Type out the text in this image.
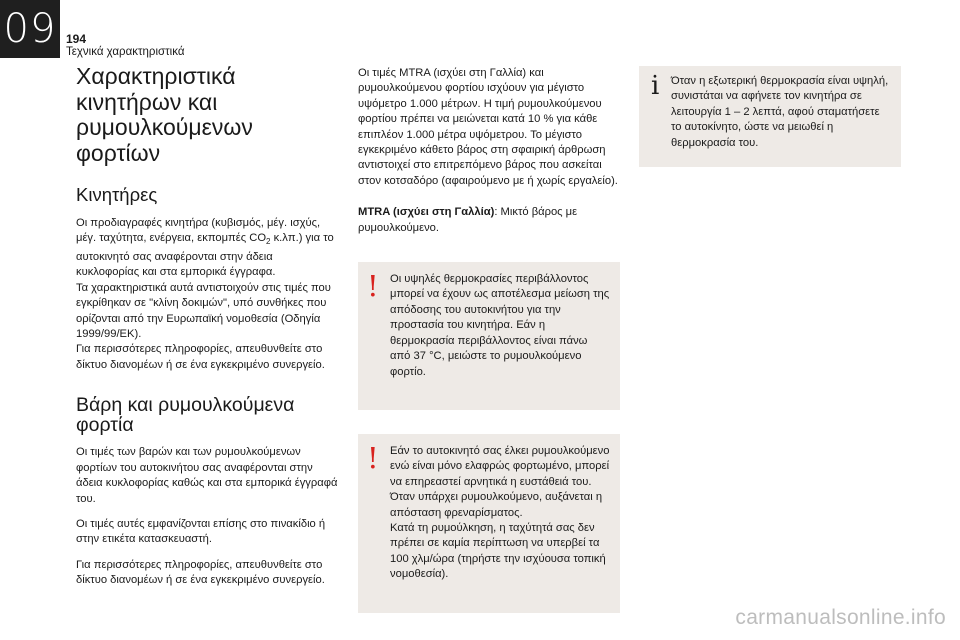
09 194
Τεχνικά χαρακτηριστικά
Χαρακτηριστικά κινητήρων και ρυμουλκούμενων φορτίων
Κινητήρες

Οι προδιαγραφές κινητήρα (κυβισμός, μέγ. ισχύς, μέγ. ταχύτητα, ενέργεια, εκπομπές $CO_2$ κ.λπ.) για το αυτοκινητό σας αναφέρονται στην άδεια κυκλοφορίας και στα εμπορικά έγγραφα.
Τα χαρακτηριστικά αυτά αντιστοιχούν στις τιμές που εγκρίθηκαν σε "κλίνη δοκιμών", υπό συνθήκες που ορίζονται από την Ευρωπαϊκή νομοθεσία (Οδηγία 1999/99/ΕΚ).
Για περισσότερες πληροφορίες, απευθυνθείτε στο δίκτυο διανομέων ή σε ένα εγκεκριμένο συνεργείο.

Βάρη και ρυμουλκούμενα φορτία

Οι τιμές των βαρών και των ρυμουλκούμενων φορτίων του αυτοκινήτου σας αναφέρονται στην άδεια κυκλοφορίας καθώς και στα εμπορικά έγγραφά του.

Οι τιμές αυτές εμφανίζονται επίσης στο πινακίδιο ή στην ετικέτα κατασκευαστή.

Για περισσότερες πληροφορίες, απευθυνθείτε στο δίκτυο διανομέων ή σε ένα εγκεκριμένο συνεργείο.

Οι τιμές MTRA (ισχύει στη Γαλλία) και ρυμουλκούμενου φορτίου ισχύουν για μέγιστο υψόμετρο 1.000 μέτρων. Η τιμή ρυμουλκούμενου φορτίου πρέπει να μειώνεται κατά 10 % για κάθε επιπλέον 1.000 μέτρα υψόμετρου. Το μέγιστο εγκεκριμένο κάθετο βάρος στη σφαιρική άρθρωση αντιστοιχεί στο επιτρεπόμενο βάρος που ασκείται στον κοτσαδόρο (αφαιρούμενο με ή χωρίς εργαλείο).

MTRA (ισχύει στη Γαλλία): Μικτό βάρος με ρυμουλκούμενο.

! Οι υψηλές θερμοκρασίες περιβάλλοντος μπορεί να έχουν ως αποτέλεσμα μείωση της απόδοσης του αυτοκινήτου για την προστασία του κινητήρα. Εάν η θερμοκρασία περιβάλλοντος είναι πάνω από 37 °C, μειώστε το ρυμουλκούμενο φορτίο.
! Εάν το αυτοκινητό σας έλκει ρυμουλκούμενο ενώ είναι μόνο ελαφρώς φορτωμένο, μπορεί να επηρεαστεί αρνητικά η ευστάθειά του.
Όταν υπάρχει ρυμουλκούμενο, αυξάνεται η απόσταση φρεναρίσματος.
Κατά τη ρυμούλκηση, η ταχύτητά σας δεν πρέπει σε καμία περίπτωση να υπερβεί τα 100 χλμ/ώρα (τηρήστε την ισχύουσα τοπική νομοθεσία).
i Όταν η εξωτερική θερμοκρασία είναι υψηλή, συνιστάται να αφήνετε τον κινητήρα σε λειτουργία 1 – 2 λεπτά, αφού σταματήσετε το αυτοκίνητο, ώστε να μειωθεί η θερμοκρασία του.
carmanualsonline.info
